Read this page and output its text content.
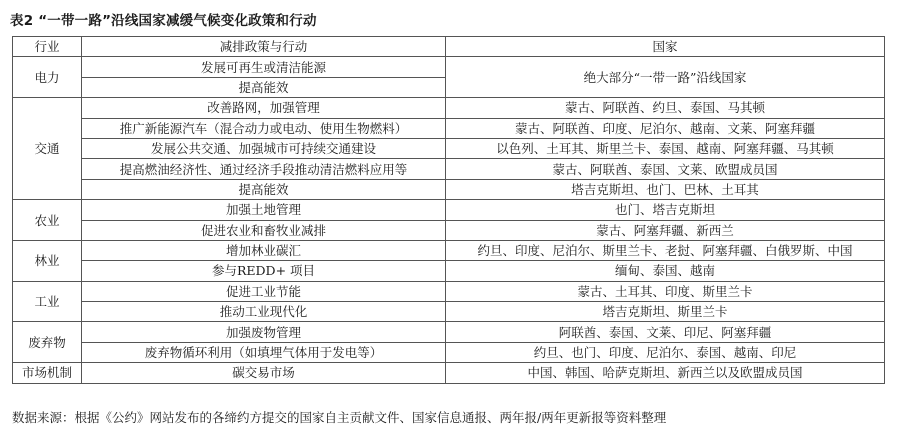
表2 “一带一路”沿线国家减缓气候变化政策和行动
行业	减排政策与行动	国家
电力	发展可再生或清洁能源	绝大部分“一带一路”沿线国家
	提高能效	
交通	改善路网，加强管理	蒙古、阿联酋、约旦、泰国、马其顿
	推广新能源汽车（混合动力或电动、使用生物燃料）	蒙古、阿联酋、印度、尼泊尔、越南、文莱、阿塞拜疆
	发展公共交通、加强城市可持续交通建设	以色列、土耳其、斯里兰卡、泰国、越南、阿塞拜疆、马其顿
	提高燃油经济性、通过经济手段推动清洁燃料应用等	蒙古、阿联酋、泰国、文莱、欧盟成员国
	提高能效	塔吉克斯坦、也门、巴林、土耳其
农业	加强土地管理	也门、塔吉克斯坦
	促进农业和畜牧业减排	蒙古、阿塞拜疆、新西兰
林业	增加林业碳汇	约旦、印度、尼泊尔、斯里兰卡、老挝、阿塞拜疆、白俄罗斯、中国
	参与REDD+ 项目	缅甸、泰国、越南
工业	促进工业节能	蒙古、土耳其、印度、斯里兰卡
	推动工业现代化	塔吉克斯坦、斯里兰卡
废弃物	加强废物管理	阿联酋、泰国、文莱、印尼、阿塞拜疆
	废弃物循环利用（如填埋气体用于发电等）	约旦、也门、印度、尼泊尔、泰国、越南、印尼
市场机制	碳交易市场	中国、韩国、哈萨克斯坦、新西兰以及欧盟成员国
数据来源：根据《公约》网站发布的各缔约方提交的国家自主贡献文件、国家信息通报、两年报/两年更新报等资料整理
